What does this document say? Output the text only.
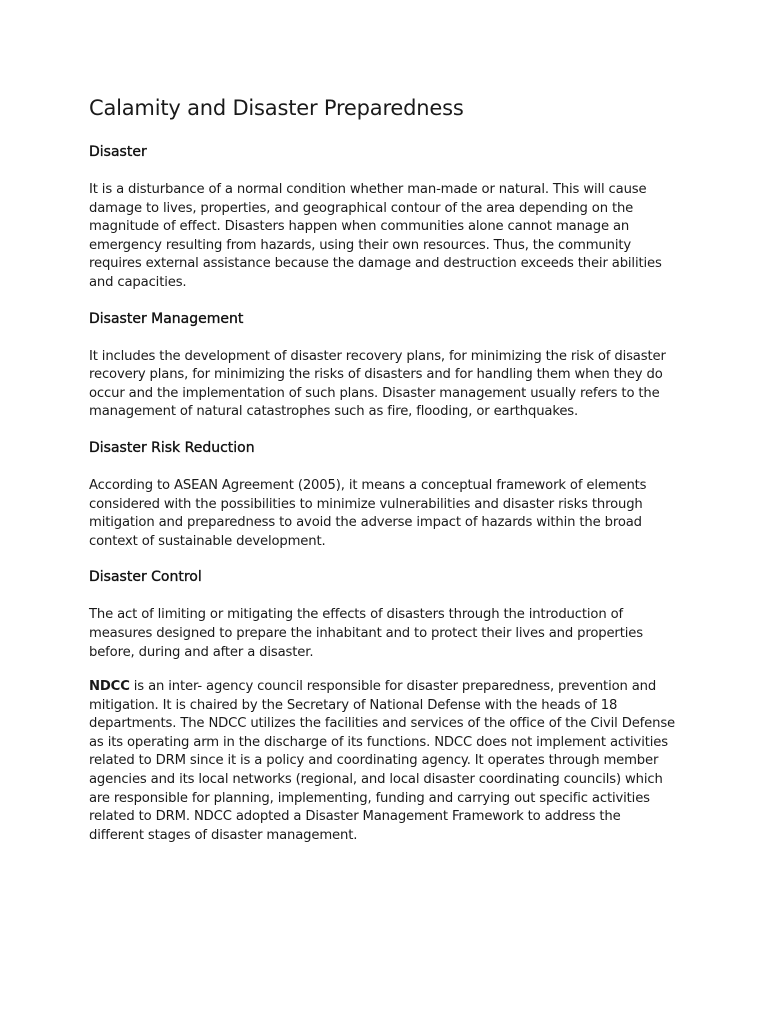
Calamity and Disaster Preparedness
Disaster

It is a disturbance of a normal condition whether man-made or natural. This will cause damage to lives, properties, and geographical contour of the area depending on the magnitude of effect. Disasters happen when communities alone cannot manage an emergency resulting from hazards, using their own resources. Thus, the community requires external assistance because the damage and destruction exceeds their abilities and capacities.

Disaster Management

It includes the development of disaster recovery plans, for minimizing the risk of disaster recovery plans, for minimizing the risks of disasters and for handling them when they do occur and the implementation of such plans. Disaster management usually refers to the management of natural catastrophes such as fire, flooding, or earthquakes.

Disaster Risk Reduction

According to ASEAN Agreement (2005), it means a conceptual framework of elements considered with the possibilities to minimize vulnerabilities and disaster risks through mitigation and preparedness to avoid the adverse impact of hazards within the broad context of sustainable development.

Disaster Control

The act of limiting or mitigating the effects of disasters through the introduction of measures designed to prepare the inhabitant and to protect their lives and properties before, during and after a disaster.

NDCC is an inter- agency council responsible for disaster preparedness, prevention and mitigation. It is chaired by the Secretary of National Defense with the heads of 18 departments. The NDCC utilizes the facilities and services of the office of the Civil Defense as its operating arm in the discharge of its functions. NDCC does not implement activities related to DRM since it is a policy and coordinating agency. It operates through member agencies and its local networks (regional, and local disaster coordinating councils) which are responsible for planning, implementing, funding and carrying out specific activities related to DRM. NDCC adopted a Disaster Management Framework to address the different stages of disaster management.
